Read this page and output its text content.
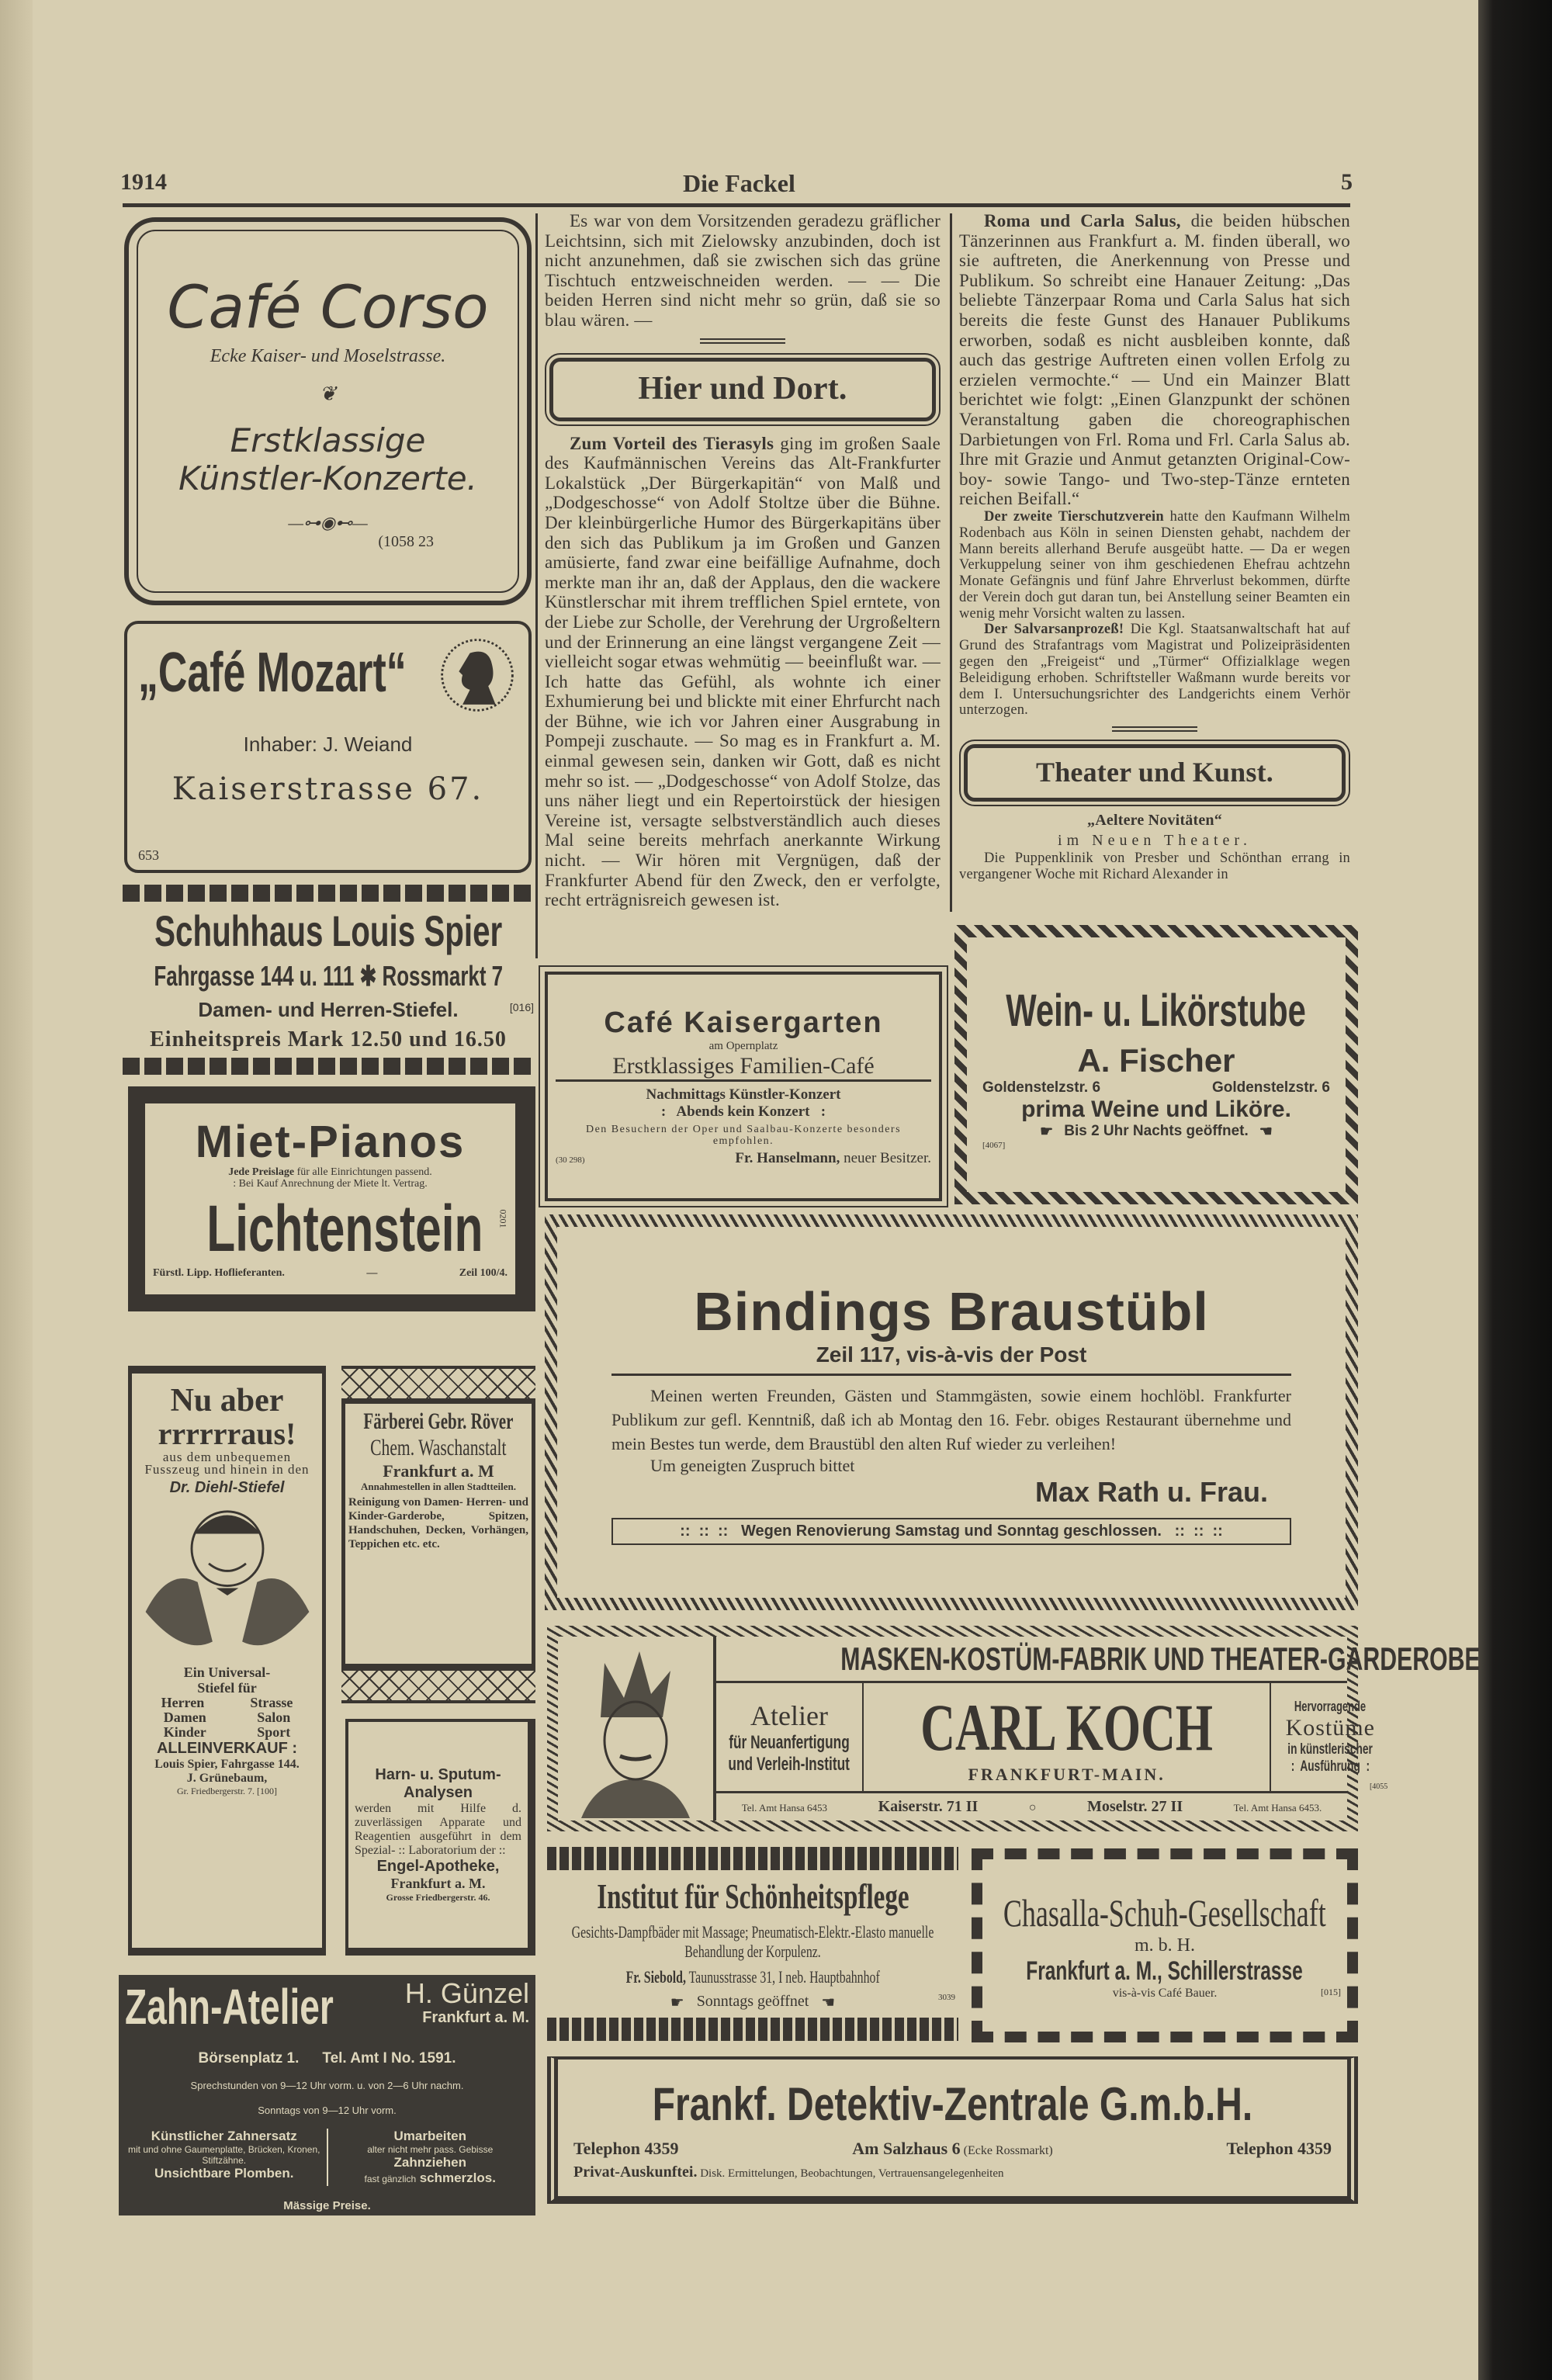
1914	Die Fackel	5

Es war von dem Vorsitzenden geradezu gräflicher Leichtsinn, sich mit Zielowsky anzubinden, doch ist nicht anzunehmen, daß sie zwischen sich das grüne Tischtuch entzweischneiden werden. — — Die beiden Herren sind nicht mehr so grün, daß sie so blau wären. —

Hier und Dort.

Zum Vorteil des Tierasyls ging im großen Saale des Kaufmännischen Vereins das Alt-Frankfurter Lokalstück „Der Bürgerkapitän“ von Malß und „Dodgeschosse“ von Adolf Stoltze über die Bühne. Der kleinbürgerliche Humor des Bürgerkapitäns über den sich das Publikum ja im Großen und Ganzen amüsierte, fand zwar eine beifällige Aufnahme, doch merkte man ihr an, daß der Applaus, den die wackere Künstlerschar mit ihrem trefflichen Spiel erntete, von der Liebe zur Scholle, der Verehrung der Urgroßeltern und der Erinnerung an eine längst vergangene Zeit — vielleicht sogar etwas wehmütig — beeinflußt war. — Ich hatte das Gefühl, als wohnte ich einer Exhumierung bei und blickte mit einer Ehrfurcht nach der Bühne, wie ich vor Jahren einer Ausgrabung in Pompeji zuschaute. — So mag es in Frankfurt a. M. einmal gewesen sein, danken wir Gott, daß es nicht mehr so ist. — „Dodgeschosse“ von Adolf Stolze, das uns näher liegt und ein Repertoirstück der hiesigen Vereine ist, versagte selbstverständlich auch dieses Mal seine bereits mehrfach anerkannte Wirkung nicht. — Wir hören mit Vergnügen, daß der Frankfurter Abend für den Zweck, den er verfolgte, recht erträgnisreich gewesen ist.

Roma und Carla Salus, die beiden hübschen Tänzerinnen aus Frankfurt a. M. finden überall, wo sie auftreten, die Anerkennung von Presse und Publikum. So schreibt eine Hanauer Zeitung: „Das beliebte Tänzerpaar Roma und Carla Salus hat sich bereits die feste Gunst des Hanauer Publikums erworben, sodaß es nicht ausbleiben konnte, daß auch das gestrige Auftreten einen vollen Erfolg zu erzielen vermochte.“ — Und ein Mainzer Blatt berichtet wie folgt: „Einen Glanzpunkt der schönen Veranstaltung gaben die choreographischen Darbietungen von Frl. Roma und Frl. Carla Salus ab. Ihre mit Grazie und Anmut getanzten Original-Cow-boy- sowie Tango- und Two-step-Tänze ernteten reichen Beifall.“

Der zweite Tierschutzverein hatte den Kaufmann Wilhelm Rodenbach aus Köln in seinen Diensten gehabt, nachdem der Mann bereits allerhand Berufe ausgeübt hatte. — Da er wegen Verkuppelung seiner von ihm geschiedenen Ehefrau achtzehn Monate Gefängnis und fünf Jahre Ehrverlust bekommen, dürfte der Verein doch gut daran tun, bei Anstellung seiner Beamten ein wenig mehr Vorsicht walten zu lassen.

Der Salvarsanprozeß! Die Kgl. Staatsanwaltschaft hat auf Grund des Strafantrags vom Magistrat und Polizeipräsidenten gegen den „Freigeist“ und „Türmer“ Offizialklage wegen Beleidigung erhoben. Schriftsteller Waßmann wurde bereits vor dem I. Untersuchungsrichter des Landgerichts einem Verhör unterzogen.

Theater und Kunst.
„Aeltere Novitäten“
im Neuen Theater.

Die Puppenklinik von Presber und Schönthan errang in vergangener Woche mit Richard Alexander in

Café Corso
Ecke Kaiser- und Moselstrasse.
❦
Erstklassige
Künstler-Konzerte.
—⊶◉⊷—
(1058 23
„Café Mozart“
Inhaber: J. Weiand
Kaiserstrasse 67.
653
Schuhhaus Louis Spier
Fahrgasse 144 u. 111 ✱ Rossmarkt 7
Damen- und Herren-Stiefel.	[016]
Einheitspreis Mark 12.50 und 16.50
Miet-Pianos
Jede Preislage für alle Einrichtungen passend.
: Bei Kauf Anrechnung der Miete lt. Vertrag.
Lichtenstein 0201
Fürstl. Lipp. Hoflieferanten.	—	Zeil 100/4.
Nu aber
rrrrrraus!
aus dem unbequemen Fusszeug und hinein in den
Dr. Diehl-Stiefel
Ein Universal-
Stiefel für
Herren	Strasse
Damen	Salon
Kinder	Sport
ALLEINVERKAUF :
Louis Spier, Fahrgasse 144.
J. Grünebaum,
Gr. Friedbergerstr. 7. [100]
Färberei Gebr. Röver
Chem. Waschanstalt
Frankfurt a. M
Annahmestellen in allen Stadtteilen.
Reinigung von Damen- Herren- und Kinder-Garderobe, Spitzen, Handschuhen, Decken, Vorhängen, Teppichen etc. etc.
Harn- u. Sputum-
Analysen
werden mit Hilfe d. zuverlässigen Apparate und Reagentien ausgeführt in dem Spezial- :: Laboratorium der ::
Engel-Apotheke,
Frankfurt a. M.
Grosse Friedbergerstr. 46.
Zahn-Atelier	H. Günzel
Frankfurt a. M.
Börsenplatz 1. Tel. Amt I No. 1591.
Sprechstunden von 9—12 Uhr vorm. u. von 2—6 Uhr nachm.
Sonntags von 9—12 Uhr vorm.
Künstlicher Zahnersatz
mit und ohne Gaumenplatte, Brücken, Kronen, Stiftzähne.
Unsichtbare Plomben.
Umarbeiten
alter nicht mehr pass. Gebisse
Zahnziehen
fast gänzlich schmerzlos.
Mässige Preise.
Café Kaisergarten
am Opernplatz
Erstklassiges Familien-Café
Nachmittags Künstler-Konzert
:   Abends kein Konzert   :
Den Besuchern der Oper und Saalbau-Konzerte besonders empfohlen.
(30 298)	Fr. Hanselmann, neuer Besitzer.
Wein- u. Likörstube
A. Fischer
Goldenstelzstr. 6	Goldenstelzstr. 6
prima Weine und Liköre.
☛ Bis 2 Uhr Nachts geöffnet. ☚
[4067]
Bindings Braustübl
Zeil 117, vis-à-vis der Post
Meinen werten Freunden, Gästen und Stammgästen, sowie einem hochlöbl. Frankfurter Publikum zur gefl. Kenntniß, daß ich ab Montag den 16. Febr. obiges Restaurant übernehme und mein Bestes tun werde, dem Braustübl den alten Ruf wieder zu verleihen!
Um geneigten Zuspruch bittet
Max Rath u. Frau.
::  ::  ::   Wegen Renovierung Samstag und Sonntag geschlossen.   ::  ::  ::
MASKEN-KOSTÜM-FABRIK UND THEATER-GARDEROBE
Atelier
für Neuanfertigung
und Verleih-Institut CARL KOCH
FRANKFURT-MAIN.
Hervorragende
Kostüme
in künstlerischer
:  Ausführung  :
[4055
Tel. Amt Hansa 6453	Kaiserstr. 71 II	○	Moselstr. 27 II	Tel. Amt Hansa 6453.
Institut für Schönheitspflege
Gesichts-Dampfbäder mit Massage; Pneumatisch-Elektr.-Elasto manuelle Behandlung der Korpulenz.
Fr. Siebold, Taunusstrasse 31, I neb. Hauptbahnhof
☛ Sonntags geöffnet ☚	3039
Chasalla-Schuh-Gesellschaft
m. b. H.
Frankfurt a. M., Schillerstrasse
vis-à-vis Café Bauer.	[015]
Frankf. Detektiv-Zentrale G.m.b.H.
Telephon 4359	Am Salzhaus 6 (Ecke Rossmarkt)	Telephon 4359
Privat-Auskunftei. Disk. Ermittelungen, Beobachtungen, Vertrauensangelegenheiten
